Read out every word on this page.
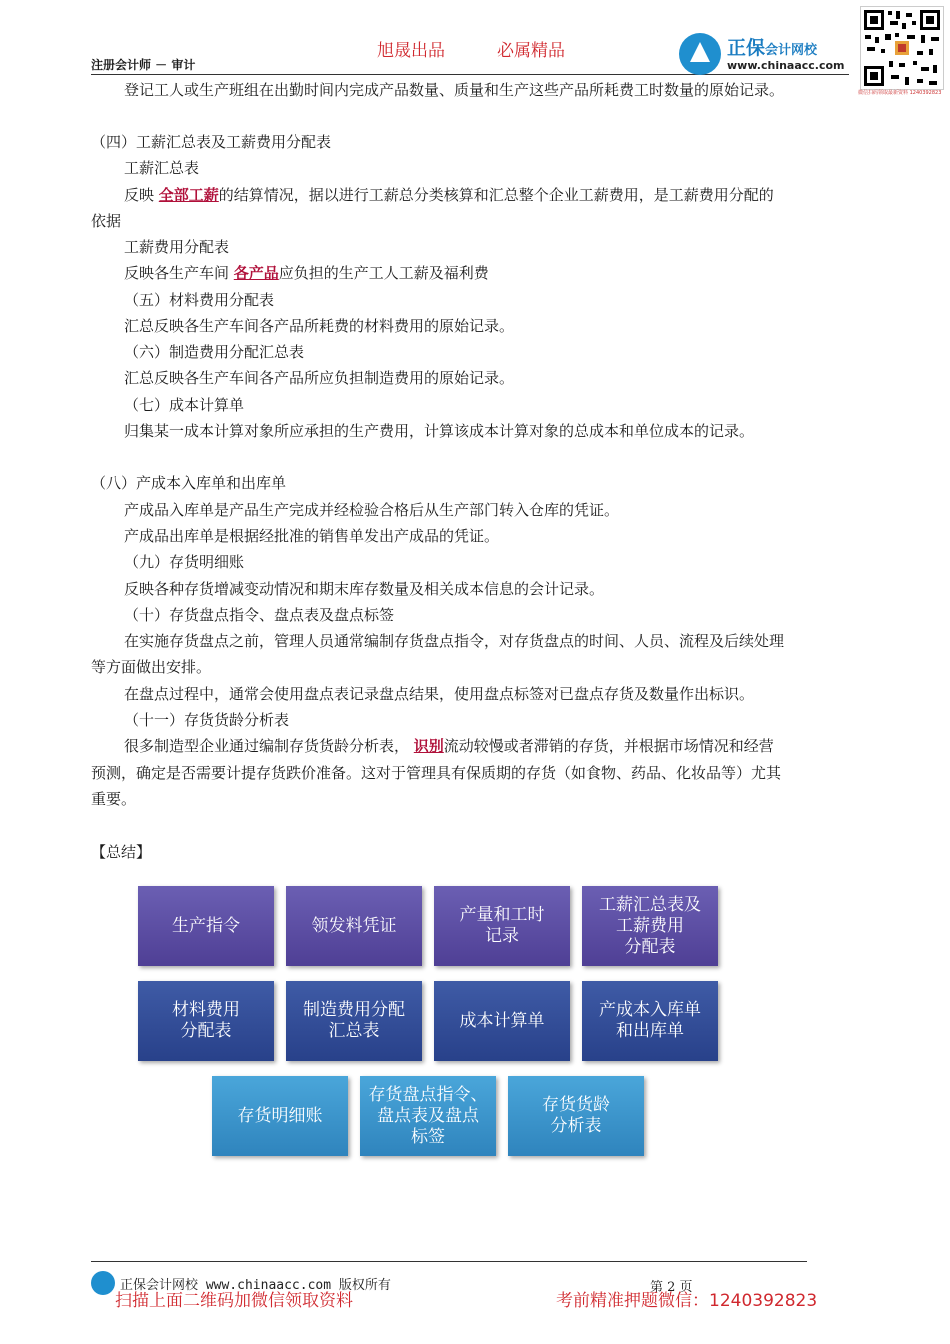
旭晟出品	必属精品
注册会计师 － 审计
正保会计网校
www.chinaacc.com
微信扫码领取最新资料 1240392823
登记工人或生产班组在出勤时间内完成产品数量、质量和生产这些产品所耗费工时数量的原始记录。
（四）工薪汇总表及工薪费用分配表
工薪汇总表
反映 全部工薪的结算情况，据以进行工薪总分类核算和汇总整个企业工薪费用，是工薪费用分配的
依据
工薪费用分配表
反映各生产车间 各产品应负担的生产工人工薪及福利费
（五）材料费用分配表
汇总反映各生产车间各产品所耗费的材料费用的原始记录。
（六）制造费用分配汇总表
汇总反映各生产车间各产品所应负担制造费用的原始记录。
（七）成本计算单
归集某一成本计算对象所应承担的生产费用，计算该成本计算对象的总成本和单位成本的记录。
（八）产成本入库单和出库单
产成品入库单是产品生产完成并经检验合格后从生产部门转入仓库的凭证。
产成品出库单是根据经批准的销售单发出产成品的凭证。
（九）存货明细账
反映各种存货增减变动情况和期末库存数量及相关成本信息的会计记录。
（十）存货盘点指令、盘点表及盘点标签
在实施存货盘点之前，管理人员通常编制存货盘点指令，对存货盘点的时间、人员、流程及后续处理
等方面做出安排。
在盘点过程中，通常会使用盘点表记录盘点结果，使用盘点标签对已盘点存货及数量作出标识。
（十一）存货货龄分析表
很多制造型企业通过编制存货货龄分析表， 识别流动较慢或者滞销的存货，并根据市场情况和经营
预测，确定是否需要计提存货跌价准备。这对于管理具有保质期的存货（如食物、药品、化妆品等）尤其
重要。
【总结】
生产指令	领发料凭证
产量和工时
记录
工薪汇总表及
工薪费用
分配表
材料费用
分配表
制造费用分配
汇总表
成本计算单
产成本入库单
和出库单
存货明细账
存货盘点指令、
盘点表及盘点
标签
存货货龄
分析表
正保会计网校 www.chinaacc.com 版权所有	第 2 页
扫描上面二维码加微信领取资料	考前精准押题微信：1240392823
